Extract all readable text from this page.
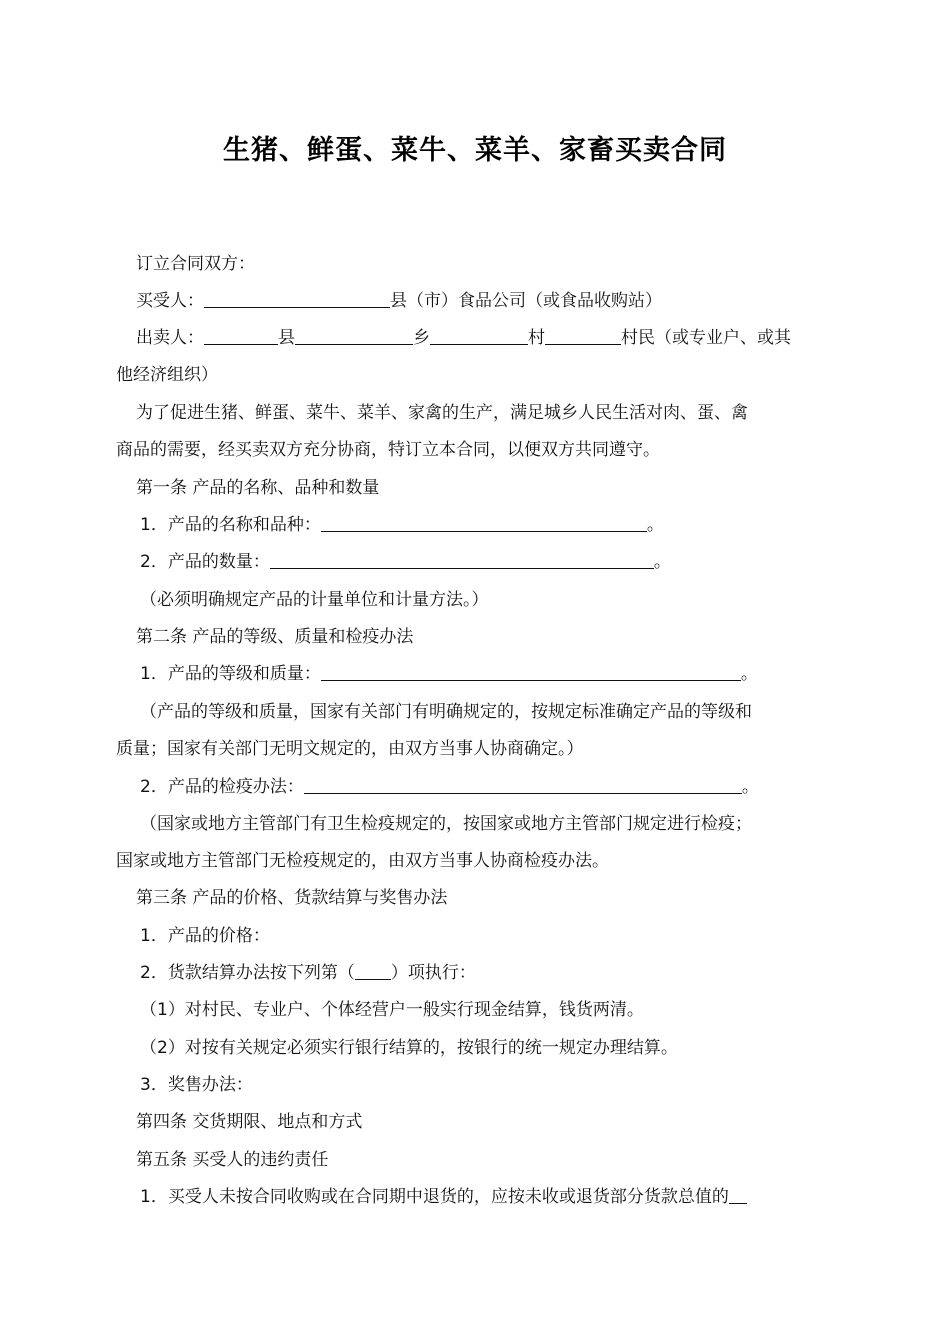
生猪、鲜蛋、菜牛、菜羊、家畜买卖合同
订立合同双方：
买受人：	县（市）食品公司（或食品收购站）
出卖人：	县	乡	村	村民（或专业户、或其
他经济组织）
为了促进生猪、鲜蛋、菜牛、菜羊、家禽的生产，满足城乡人民生活对肉、蛋、禽
商品的需要，经买卖双方充分协商，特订立本合同，以便双方共同遵守。
第一条 产品的名称、品种和数量
1．产品的名称和品种：	。
2．产品的数量：	。
（必须明确规定产品的计量单位和计量方法。）
第二条 产品的等级、质量和检疫办法
1．产品的等级和质量：	。
（产品的等级和质量，国家有关部门有明确规定的，按规定标准确定产品的等级和
质量；国家有关部门无明文规定的，由双方当事人协商确定。）
2．产品的检疫办法：	。
（国家或地方主管部门有卫生检疫规定的，按国家或地方主管部门规定进行检疫；
国家或地方主管部门无检疫规定的，由双方当事人协商检疫办法。
第三条 产品的价格、货款结算与奖售办法
1．产品的价格：
2．货款结算办法按下列第（ ）项执行：
（1）对村民、专业户、个体经营户一般实行现金结算，钱货两清。
（2）对按有关规定必须实行银行结算的，按银行的统一规定办理结算。
3．奖售办法：
第四条 交货期限、地点和方式
第五条 买受人的违约责任
1．买受人未按合同收购或在合同期中退货的，应按未收或退货部分货款总值的
